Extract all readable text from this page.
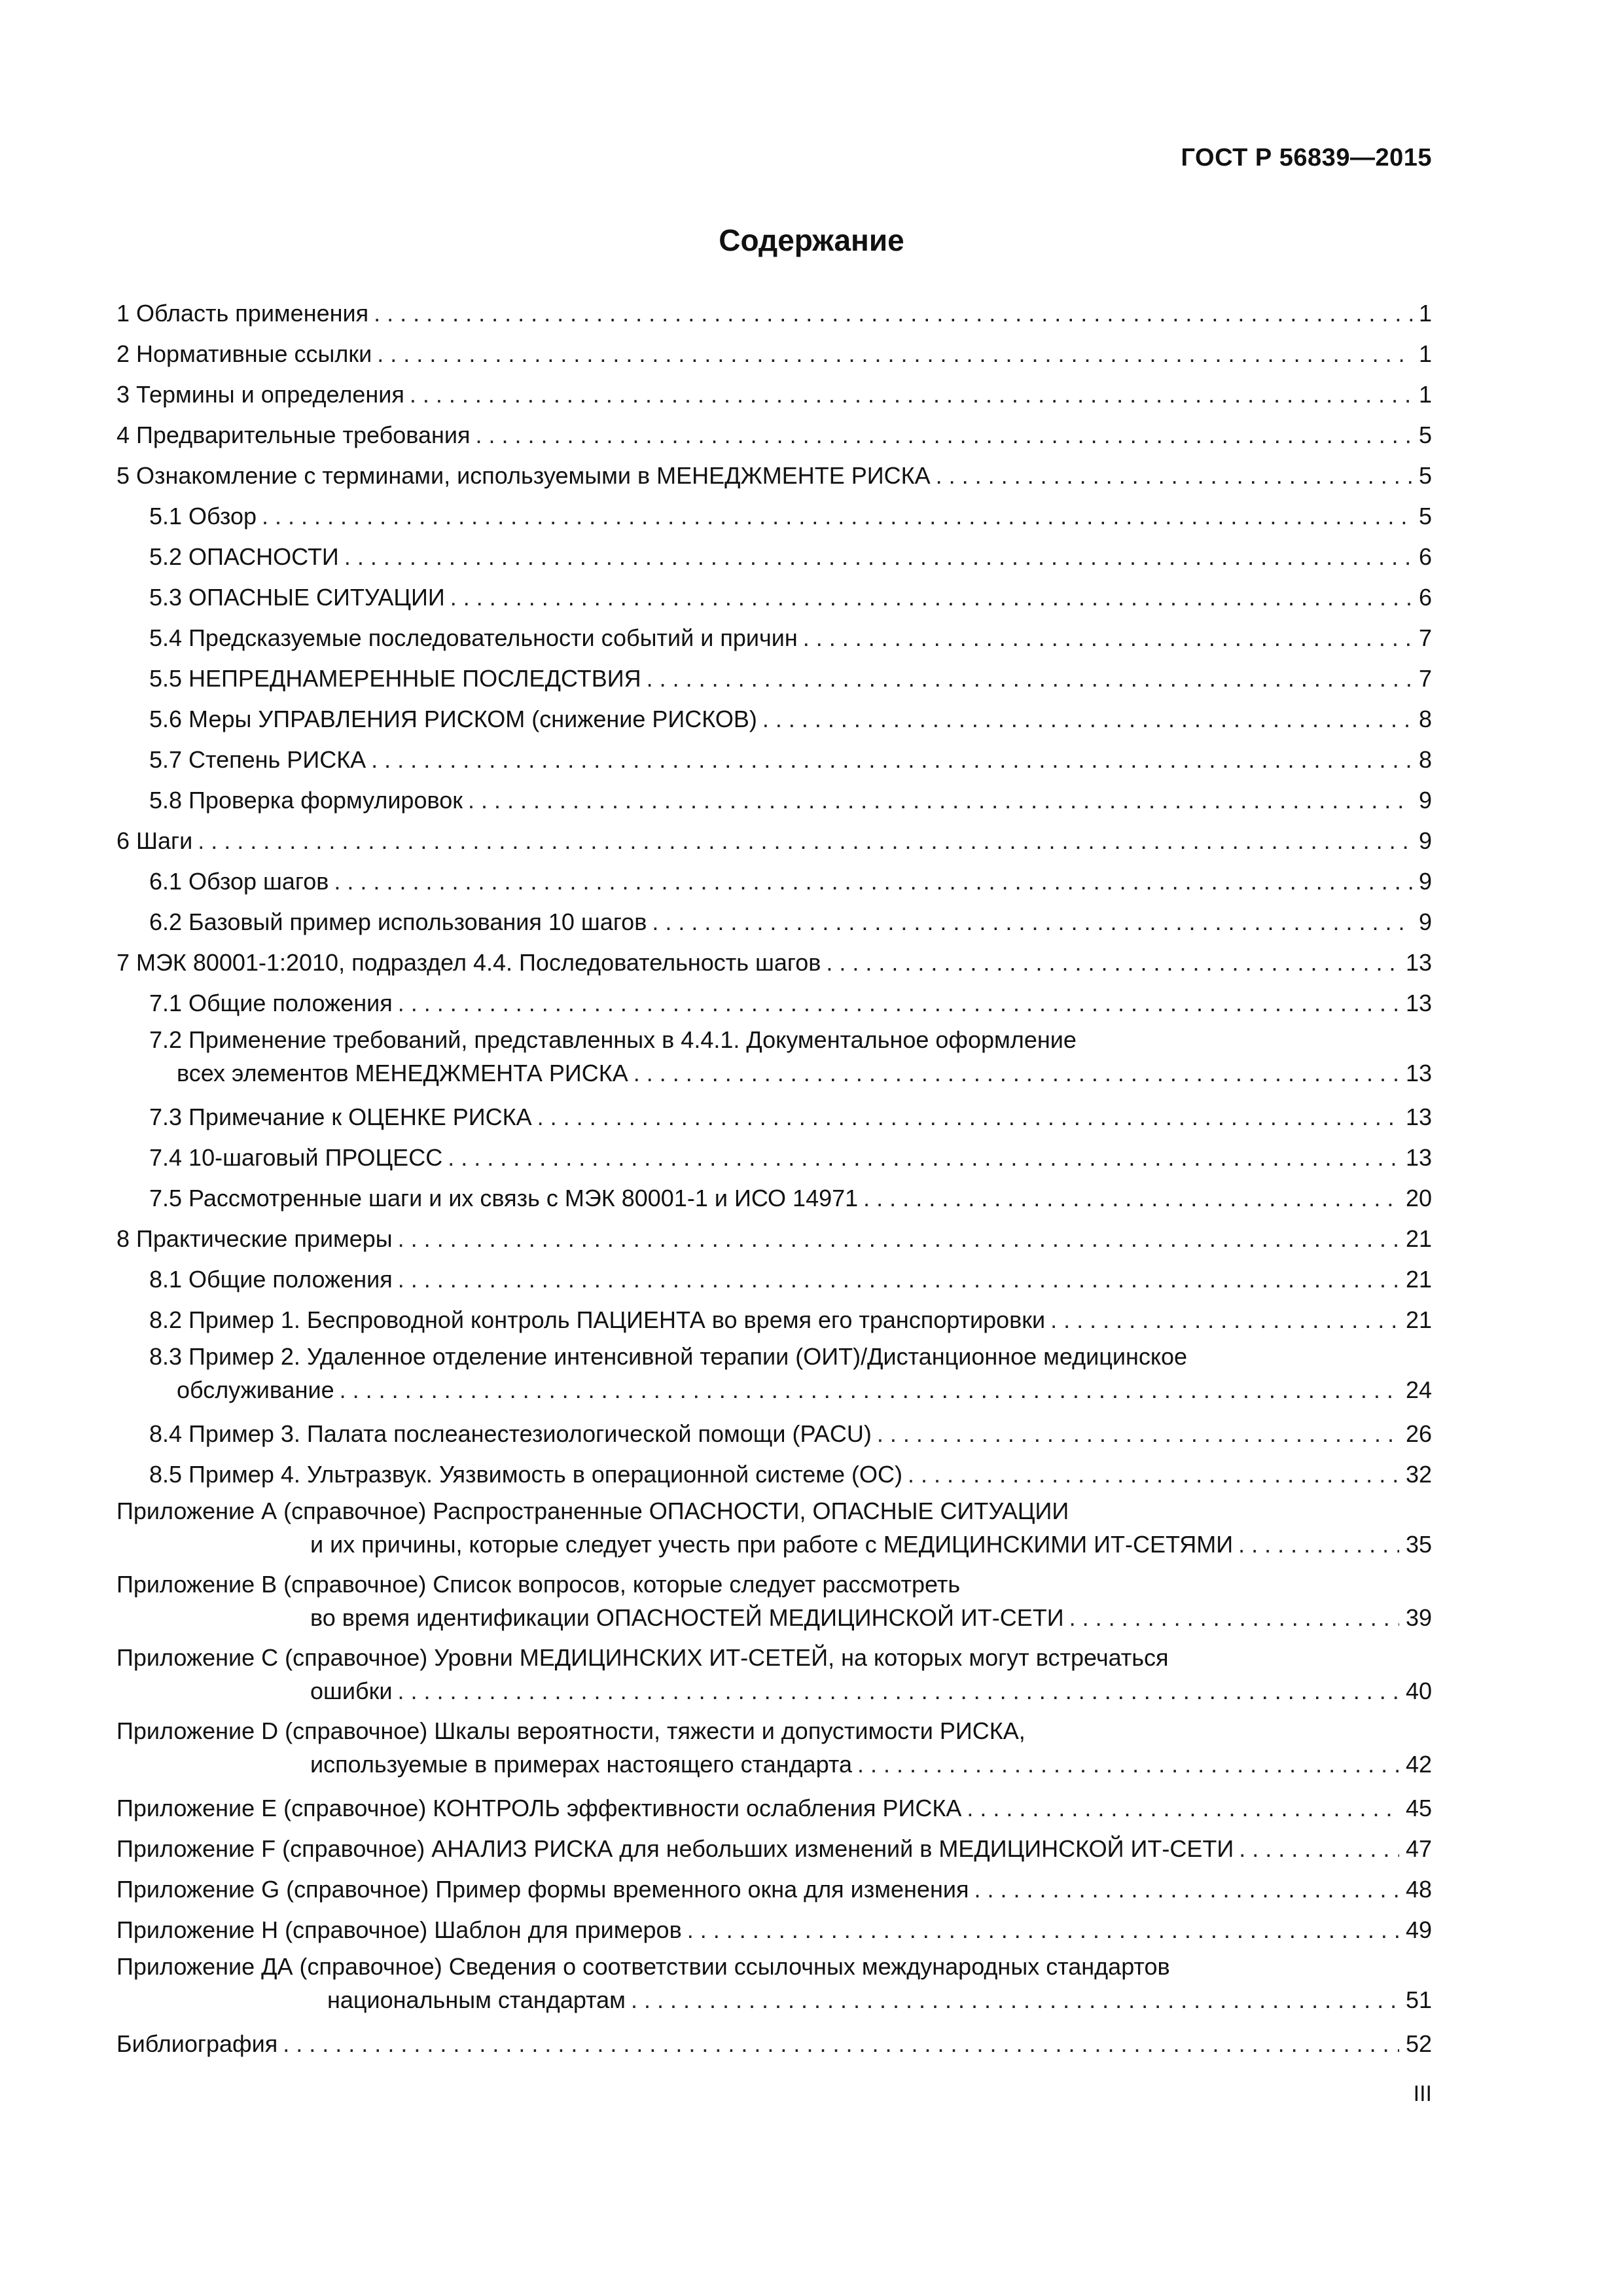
ГОСТ Р 56839—2015
Содержание
1 Область применения . . .	1
2 Нормативные ссылки . . .	1
3 Термины и определения . . .	1
4 Предварительные требования . . .	5
5 Ознакомление с терминами, используемыми в МЕНЕДЖМЕНТЕ РИСКА . . .	5
5.1 Обзор . . .	5
5.2 ОПАСНОСТИ . . .	6
5.3 ОПАСНЫЕ СИТУАЦИИ . . .	6
5.4 Предсказуемые последовательности событий и причин . . .	7
5.5 НЕПРЕДНАМЕРЕННЫЕ ПОСЛЕДСТВИЯ . . .	7
5.6 Меры УПРАВЛЕНИЯ РИСКОМ (снижение РИСКОВ) . . .	8
5.7 Степень РИСКА . . .	8
5.8 Проверка формулировок . . .	9
6 Шаги . . .	9
6.1 Обзор шагов . . .	9
6.2 Базовый пример использования 10 шагов . . .	9
7 МЭК 80001-1:2010, подраздел 4.4. Последовательность шагов . . .	13
7.1 Общие положения . . .	13
7.2 Применение требований, представленных в 4.4.1. Документальное оформление
всех элементов МЕНЕДЖМЕНТА РИСКА . . .	13
7.3 Примечание к ОЦЕНКЕ РИСКА . . .	13
7.4 10-шаговый ПРОЦЕСС . . .	13
7.5 Рассмотренные шаги и их связь с МЭК 80001-1 и ИСО 14971 . . .	20
8 Практические примеры . . .	21
8.1 Общие положения . . .	21
8.2 Пример 1. Беспроводной контроль ПАЦИЕНТА во время его транспортировки . . .	21
8.3 Пример 2. Удаленное отделение интенсивной терапии (ОИТ)/Дистанционное медицинское
обслуживание . . .	24
8.4 Пример 3. Палата послеанестезиологической помощи (PACU) . . .	26
8.5 Пример 4. Ультразвук. Уязвимость в операционной системе (ОС) . . .	32
Приложение А (справочное) Распространенные ОПАСНОСТИ, ОПАСНЫЕ СИТУАЦИИ
и их причины, которые следует учесть при работе с МЕДИЦИНСКИМИ ИТ-СЕТЯМИ . . .	35
Приложение В (справочное) Список вопросов, которые следует рассмотреть
во время идентификации ОПАСНОСТЕЙ МЕДИЦИНСКОЙ ИТ-СЕТИ . . .	39
Приложение С (справочное) Уровни МЕДИЦИНСКИХ ИТ-СЕТЕЙ, на которых могут встречаться
ошибки . . .	40
Приложение D (справочное) Шкалы вероятности, тяжести и допустимости РИСКА,
используемые в примерах настоящего стандарта . . .	42
Приложение Е (справочное) КОНТРОЛЬ эффективности ослабления РИСКА . . .	45
Приложение F (справочное) АНАЛИЗ РИСКА для небольших изменений в МЕДИЦИНСКОЙ ИТ-СЕТИ . . .	47
Приложение G (справочное) Пример формы временного окна для изменения . . .	48
Приложение Н (справочное) Шаблон для примеров . . .	49
Приложение ДА (справочное) Сведения о соответствии ссылочных международных стандартов
национальным стандартам . . .	51
Библиография . . .	52
III
